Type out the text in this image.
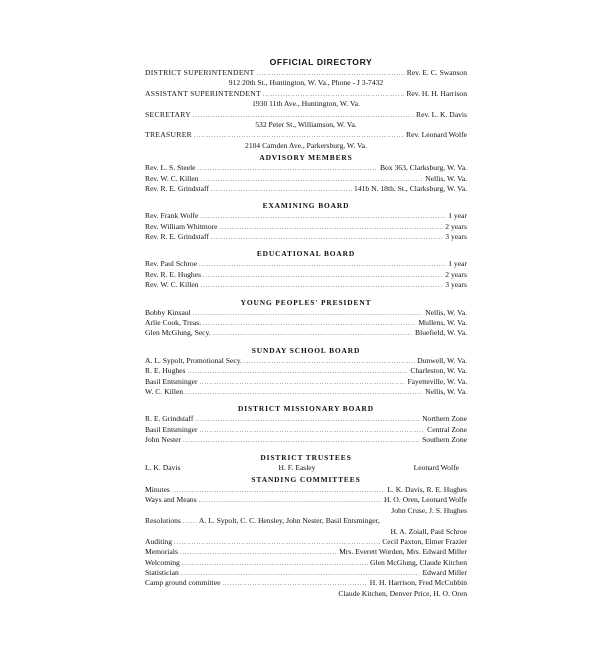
OFFICIAL DIRECTORY
DISTRICT SUPERINTENDENT .....	Rev. E. C. Swanson
912 20th St., Huntington, W. Va., Phone - J 3-7432
ASSISTANT SUPERINTENDENT .....	Rev. H. H. Harrison
1930 11th Ave., Huntington, W. Va.
SECRETARY .....	Rev. L. K. Davis
532 Peter St., Williamson, W. Va.
TREASURER .....	Rev. Leonard Wolfe
2104 Camden Ave., Parkersburg, W. Va.
ADVISORY MEMBERS
Rev. L. S. Steele .....	Box 363, Clarksburg, W. Va.
Rev. W. C. Killen .....	Nellis, W. Va.
Rev. R. E. Grindstaff .....	141b N. 18th. St., Clarksburg, W. Va.
EXAMINING BOARD
Rev. Frank Wolfe .....	1 year
Rev. William Whitmore .....	2 years
Rev. R. E. Grindstaff .....	3 years
EDUCATIONAL BOARD
Rev. Paul Schroe .....	1 year
Rev. R. E. Hughes .....	2 years
Rev. W. C. Killen .....	3 years
YOUNG PEOPLES' PRESIDENT
Bobby Kinsaul .....	Nellis, W. Va.
Arlie Cook, Treas. .....	Mullens, W. Va.
Glen McGlung, Secy. .....	Bluefield, W. Va.
SUNDAY SCHOOL BOARD
A. L. Sypolt, Promotional Secy. .....	Dunwell, W. Va.
R. E. Hughes .....	Charleston, W. Va.
Basil Entsminger .....	Fayetteville, W. Va.
W. C. Killen .....	Nellis, W. Va.
DISTRICT MISSIONARY BOARD
R. E. Grindstaff .....	Northern Zone
Basil Entsminger .....	Central Zone
John Nester .....	Southern Zone
DISTRICT TRUSTEES
L. K. Davis	H. F. Easley	Leonard Wolfe
STANDING COMMITTEES
Minutes .....	L. K. Davis, R. E. Hughes
Ways and Means .....	H. O. Oren, Leonard Wolfe
John Cruse, J. S. Hughes
Resolutions ..... A. L. Sypolt, C. C. Hensley, John Nester, Basil Entsminger,
H. A. Zoiall, Paul Schroe
Auditing .....	Cecil Paxton, Elmer Frazier
Memorials .....	Mrs. Everett Worden, Mrs. Edward Miller
Welcoming .....	Glen McGlung, Claude Kitchen
Statistician .....	Edward Miller
Camp ground committee .....	H. H. Harrison, Fred McCubbin
Claude Kitchen, Denver Price, H. O. Oren
